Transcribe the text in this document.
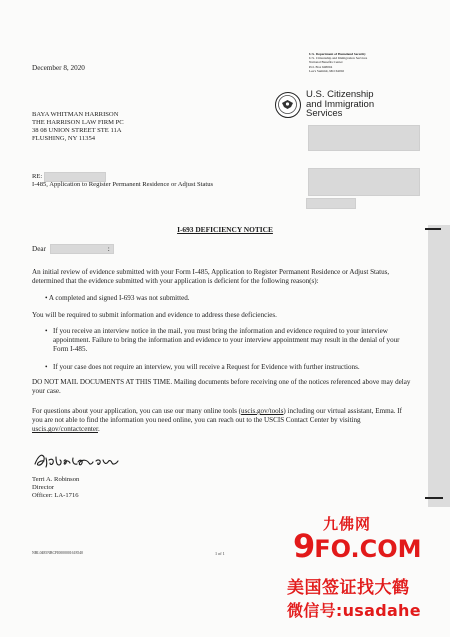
December 8, 2020
U.S. Department of Homeland Security
U.S. Citizenship and Immigration Services
National Benefits Center
P.O. Box 648004
Lee's Summit, MO 64002
U.S. Citizenship
and Immigration
Services
BAYA WHITMAN HARRISON
THE HARRISON LAW FIRM PC
38 08 UNION STREET STE 11A
FLUSHING, NY 11354
RE:
I-485, Application to Register Permanent Residence or Adjust Status
I-693 DEFICIENCY NOTICE
Dear	:
An initial review of evidence submitted with your Form I-485, Application to Register Permanent Residence or Adjust Status, determined that the evidence submitted with your application is deficient for the following reason(s):
• A completed and signed I-693 was not submitted.
You will be required to submit information and evidence to address these deficiencies.
• If you receive an interview notice in the mail, you must bring the information and evidence required to your interview appointment. Failure to bring the information and evidence to your interview appointment may result in the denial of your Form I-485.
• If your case does not require an interview, you will receive a Request for Evidence with further instructions.
DO NOT MAIL DOCUMENTS AT THIS TIME. Mailing documents before receiving one of the notices referenced above may delay your case.
For questions about your application, you can use our many online tools (uscis.gov/tools) including our virtual assistant, Emma. If you are not able to find the information you need online, you can reach out to the USCIS Contact Center by visiting uscis.gov/contactcenter.
Terri A. Robinson
Director
Officer: LA-1716
NBL0485NBCFI0000001618540	1 of 1
九佛网
9FO.COM
美国签证找大鹤
微信号:usadahe
